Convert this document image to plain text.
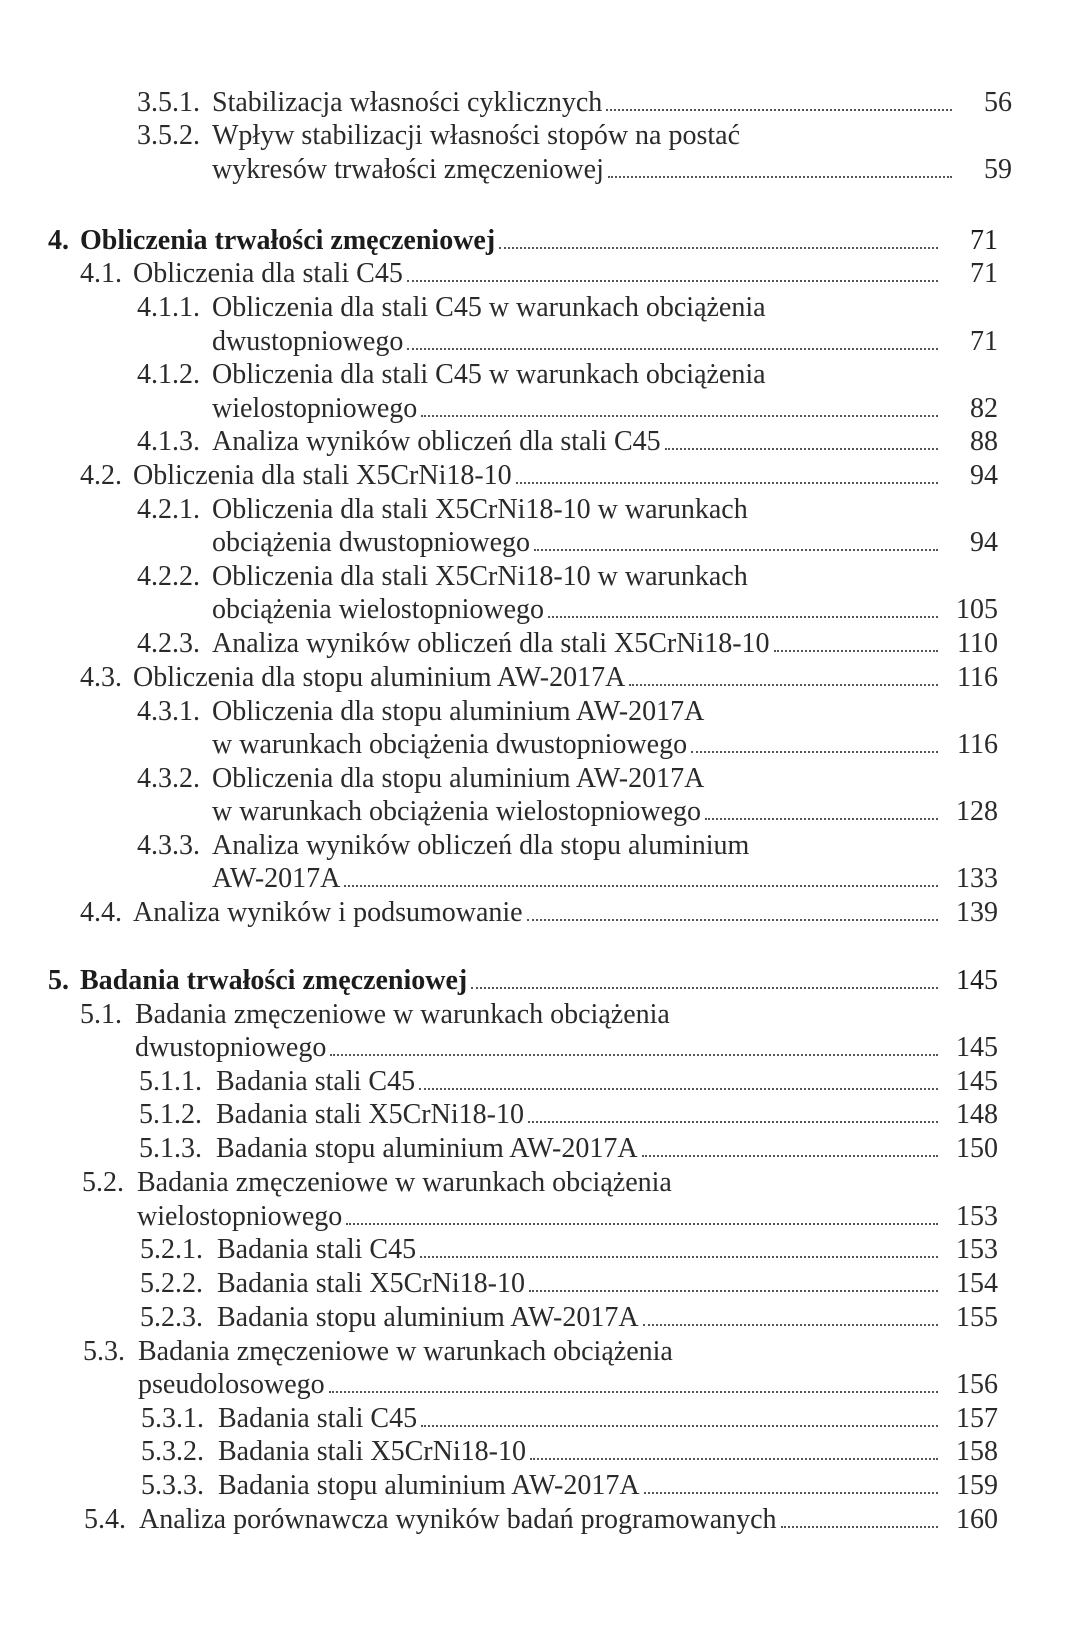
3.5.1. Stabilizacja własności cyklicznych	56
3.5.2. Wpływ stabilizacji własności stopów na postać
wykresów trwałości zmęczeniowej	59
4. Obliczenia trwałości zmęczeniowej	71
4.1. Obliczenia dla stali C45	71
4.1.1. Obliczenia dla stali C45 w warunkach obciążenia
dwustopniowego	71
4.1.2. Obliczenia dla stali C45 w warunkach obciążenia
wielostopniowego	82
4.1.3. Analiza wyników obliczeń dla stali C45	88
4.2. Obliczenia dla stali X5CrNi18-10	94
4.2.1. Obliczenia dla stali X5CrNi18-10 w warunkach
obciążenia dwustopniowego	94
4.2.2. Obliczenia dla stali X5CrNi18-10 w warunkach
obciążenia wielostopniowego	105
4.2.3. Analiza wyników obliczeń dla stali X5CrNi18-10	110
4.3. Obliczenia dla stopu aluminium AW-2017A	116
4.3.1. Obliczenia dla stopu aluminium AW-2017A
w warunkach obciążenia dwustopniowego	116
4.3.2. Obliczenia dla stopu aluminium AW-2017A
w warunkach obciążenia wielostopniowego	128
4.3.3. Analiza wyników obliczeń dla stopu aluminium
AW-2017A	133
4.4. Analiza wyników i podsumowanie	139
5. Badania trwałości zmęczeniowej	145
5.1. Badania zmęczeniowe w warunkach obciążenia
dwustopniowego	145
5.1.1. Badania stali C45	145
5.1.2. Badania stali X5CrNi18-10	148
5.1.3. Badania stopu aluminium AW-2017A	150
5.2. Badania zmęczeniowe w warunkach obciążenia
wielostopniowego	153
5.2.1. Badania stali C45	153
5.2.2. Badania stali X5CrNi18-10	154
5.2.3. Badania stopu aluminium AW-2017A	155
5.3. Badania zmęczeniowe w warunkach obciążenia
pseudolosowego	156
5.3.1. Badania stali C45	157
5.3.2. Badania stali X5CrNi18-10	158
5.3.3. Badania stopu aluminium AW-2017A	159
5.4. Analiza porównawcza wyników badań programowanych	160
